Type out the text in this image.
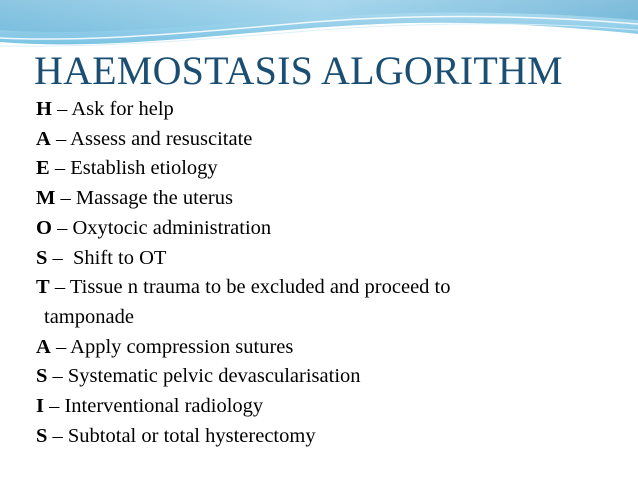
HAEMOSTASIS ALGORITHM
H – Ask for help
A – Assess and resuscitate
E – Establish etiology
M – Massage the uterus
O – Oxytocic administration
S –  Shift to OT
T – Tissue n trauma to be excluded and proceed to
tamponade
A – Apply compression sutures
S – Systematic pelvic devascularisation
I – Interventional radiology
S – Subtotal or total hysterectomy
